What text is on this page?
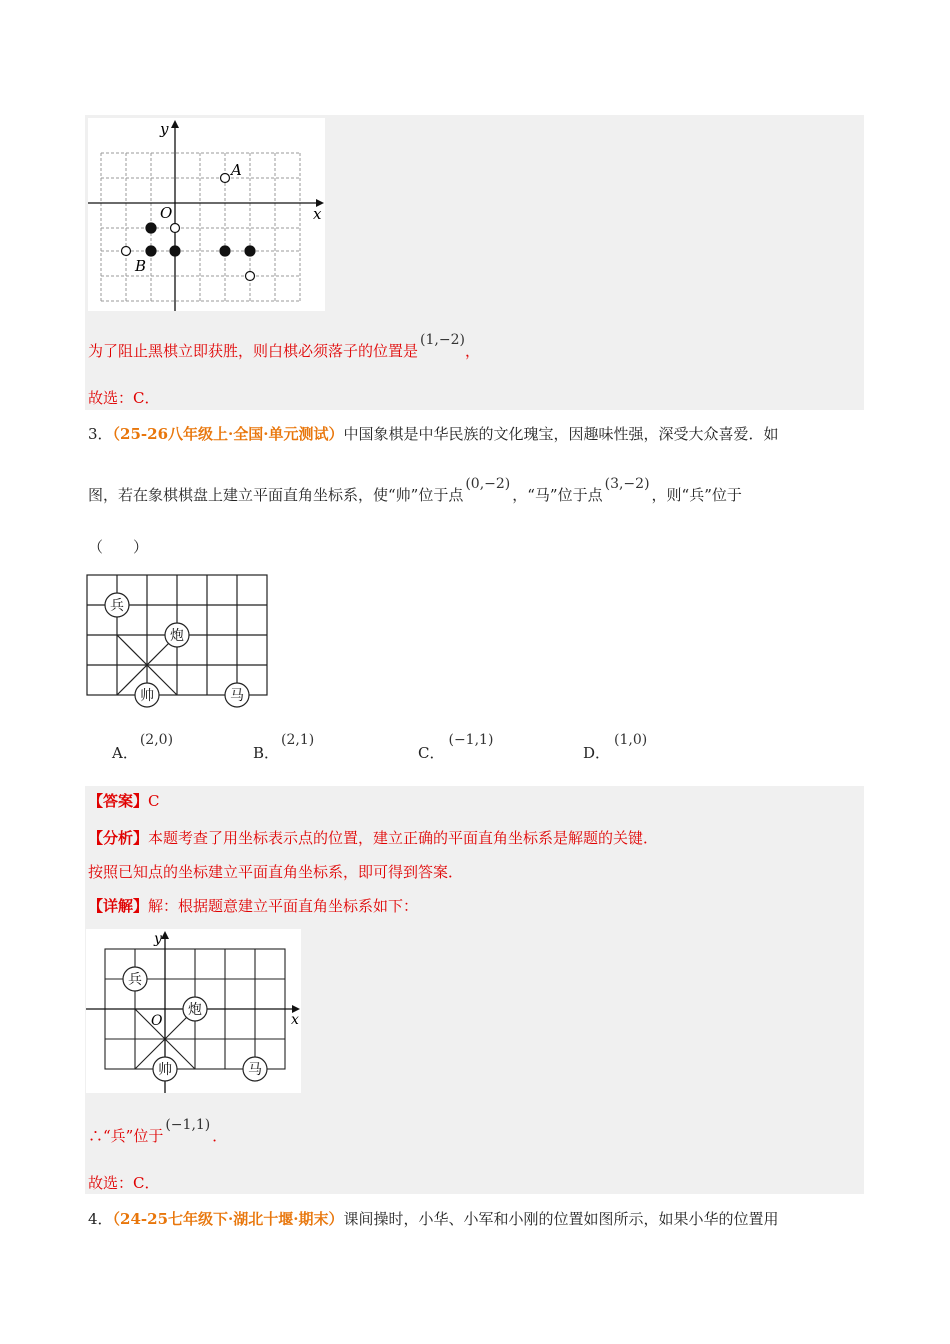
x
y
O
A
B
为了阻止黑棋立即获胜，则白棋必须落子的位置是(1,−2)，
故选：C．
3．（25-26八年级上·全国·单元测试）中国象棋是中华民族的文化瑰宝，因趣味性强，深受大众喜爱．如
图，若在象棋棋盘上建立平面直角坐标系，使“帅”位于点(0,−2)，“马”位于点(3,−2)，则“兵”位于
（　　）
兵
炮
帅	马
A．(2,0)
B．(2,1)
C．(−1,1)
D．(1,0)
【答案】C
【分析】本题考查了用坐标表示点的位置，建立正确的平面直角坐标系是解题的关键．
按照已知点的坐标建立平面直角坐标系，即可得到答案．
【详解】解：根据题意建立平面直角坐标系如下：
x
y
O
兵
炮
帅	马
∴“兵”位于(−1,1)．
故选：C．
4．（24-25七年级下·湖北十堰·期末）课间操时，小华、小军和小刚的位置如图所示，如果小华的位置用
